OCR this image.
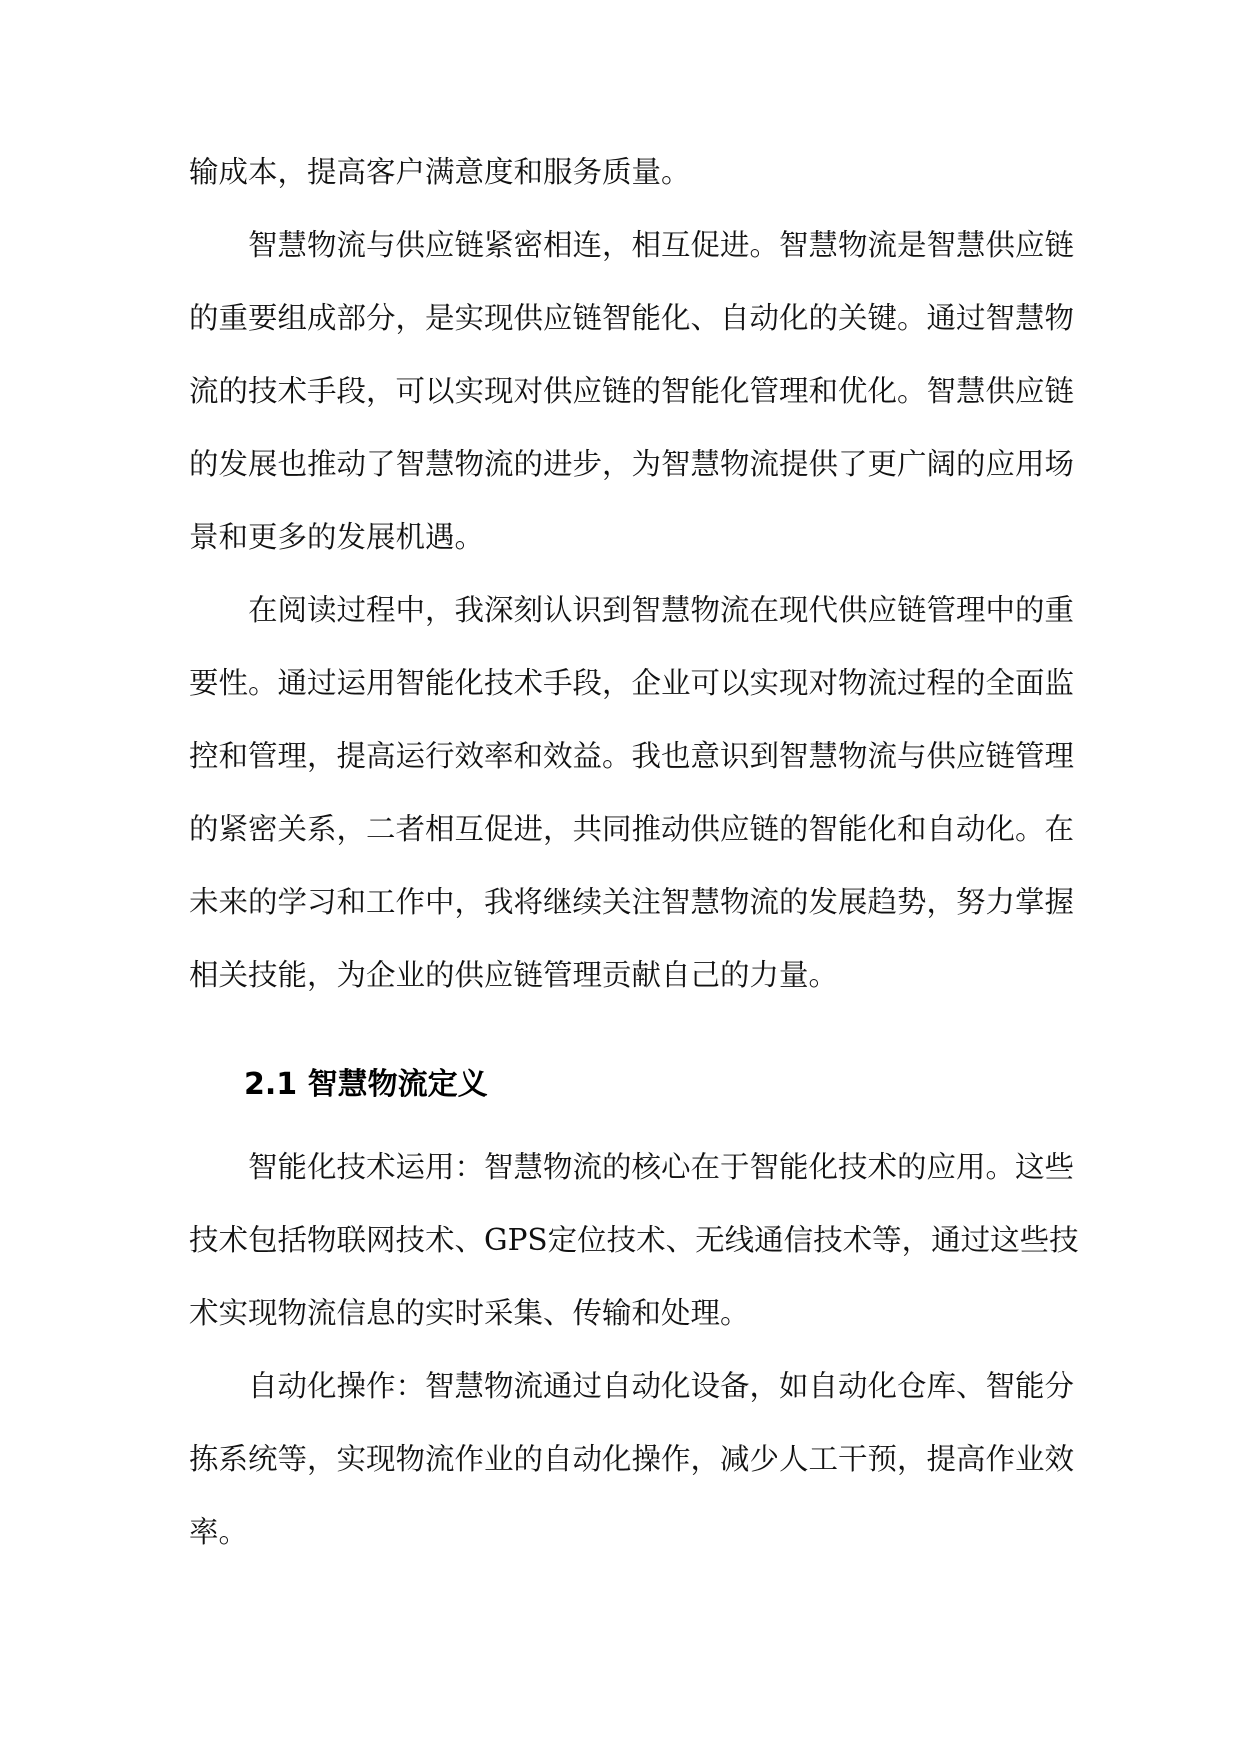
输成本，提高客户满意度和服务质量。
智慧物流与供应链紧密相连，相互促进。智慧物流是智慧供应链
的重要组成部分，是实现供应链智能化、自动化的关键。通过智慧物
流的技术手段，可以实现对供应链的智能化管理和优化。智慧供应链
的发展也推动了智慧物流的进步，为智慧物流提供了更广阔的应用场
景和更多的发展机遇。
在阅读过程中，我深刻认识到智慧物流在现代供应链管理中的重
要性。通过运用智能化技术手段，企业可以实现对物流过程的全面监
控和管理，提高运行效率和效益。我也意识到智慧物流与供应链管理
的紧密关系，二者相互促进，共同推动供应链的智能化和自动化。在
未来的学习和工作中，我将继续关注智慧物流的发展趋势，努力掌握
相关技能，为企业的供应链管理贡献自己的力量。
2.1 智慧物流定义
智能化技术运用：智慧物流的核心在于智能化技术的应用。这些
技术包括物联网技术、GPS定位技术、无线通信技术等，通过这些技
术实现物流信息的实时采集、传输和处理。
自动化操作：智慧物流通过自动化设备，如自动化仓库、智能分
拣系统等，实现物流作业的自动化操作，减少人工干预，提高作业效
率。
